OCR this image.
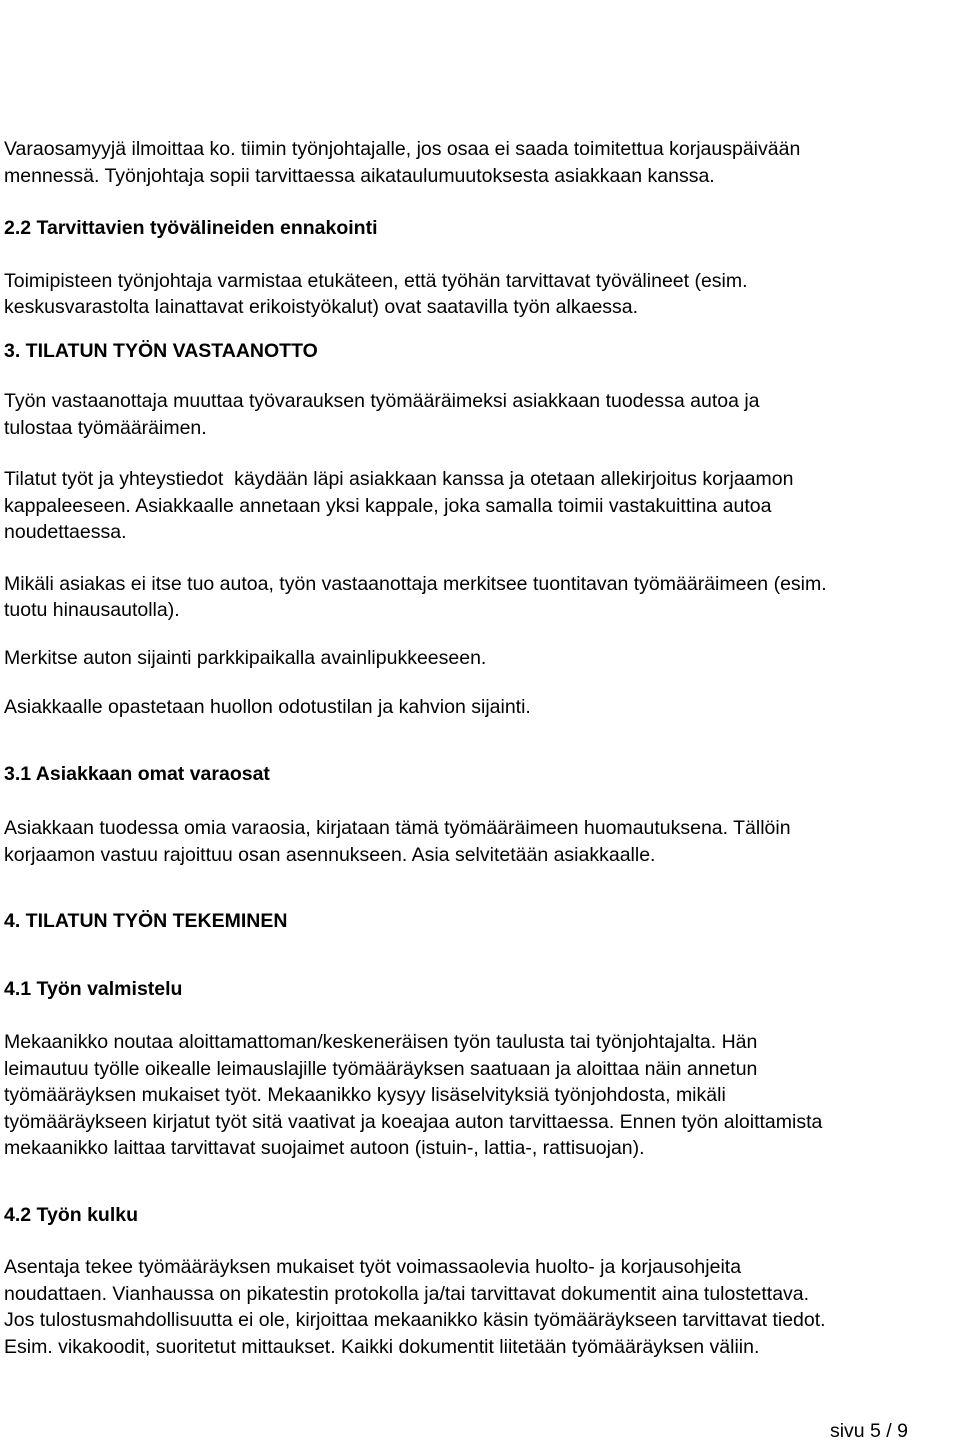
Veho Autotalot tapa toimia – Korjaamo
Ver 1.1
04/2008
Varaosamyyjä ilmoittaa ko. tiimin työnjohtajalle, jos osaa ei saada toimitettua korjauspäivään
mennessä. Työnjohtaja sopii tarvittaessa aikataulumuutoksesta asiakkaan kanssa.
2.2 Tarvittavien työvälineiden ennakointi
Toimipisteen työnjohtaja varmistaa etukäteen, että työhän tarvittavat työvälineet (esim.
keskusvarastolta lainattavat erikoistyökalut) ovat saatavilla työn alkaessa.
3. TILATUN TYÖN VASTAANOTTO
Työn vastaanottaja muuttaa työvarauksen työmääräimeksi asiakkaan tuodessa autoa ja
tulostaa työmääräimen.
Tilatut työt ja yhteystiedot  käydään läpi asiakkaan kanssa ja otetaan allekirjoitus korjaamon
kappaleeseen. Asiakkaalle annetaan yksi kappale, joka samalla toimii vastakuittina autoa
noudettaessa.
Mikäli asiakas ei itse tuo autoa, työn vastaanottaja merkitsee tuontitavan työmääräimeen (esim.
tuotu hinausautolla).
Merkitse auton sijainti parkkipaikalla avainlipukkeeseen.
Asiakkaalle opastetaan huollon odotustilan ja kahvion sijainti.
3.1 Asiakkaan omat varaosat
Asiakkaan tuodessa omia varaosia, kirjataan tämä työmääräimeen huomautuksena. Tällöin
korjaamon vastuu rajoittuu osan asennukseen. Asia selvitetään asiakkaalle.
4. TILATUN TYÖN TEKEMINEN
4.1 Työn valmistelu
Mekaanikko noutaa aloittamattoman/keskeneräisen työn taulusta tai työnjohtajalta. Hän
leimautuu työlle oikealle leimauslajille työmääräyksen saatuaan ja aloittaa näin annetun
työmääräyksen mukaiset työt. Mekaanikko kysyy lisäselvityksiä työnjohdosta, mikäli
työmääräykseen kirjatut työt sitä vaativat ja koeajaa auton tarvittaessa. Ennen työn aloittamista
mekaanikko laittaa tarvittavat suojaimet autoon (istuin-, lattia-, rattisuojan).
4.2 Työn kulku
Asentaja tekee työmääräyksen mukaiset työt voimassaolevia huolto- ja korjausohjeita
noudattaen. Vianhaussa on pikatestin protokolla ja/tai tarvittavat dokumentit aina tulostettava.
Jos tulostusmahdollisuutta ei ole, kirjoittaa mekaanikko käsin työmääräykseen tarvittavat tiedot.
Esim. vikakoodit, suoritetut mittaukset. Kaikki dokumentit liitetään työmääräyksen väliin.
sivu 5 / 9
